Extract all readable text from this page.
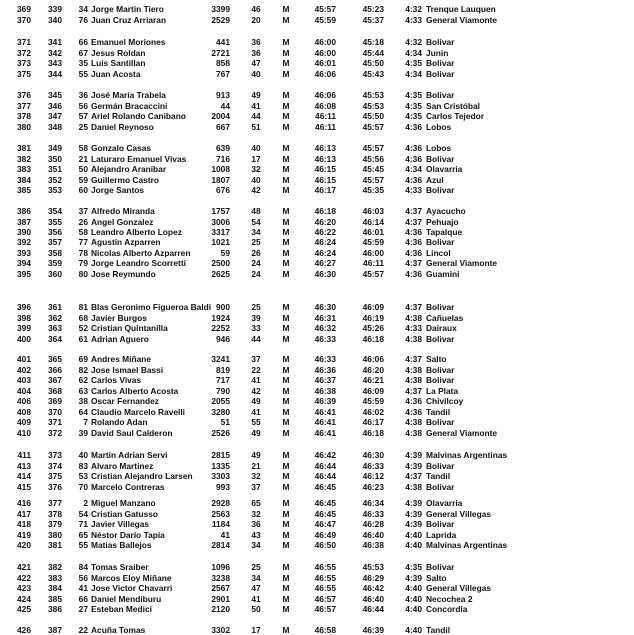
369	339	34 Jorge Martin Tiero	3399	46	M	45:57	45:23	4:32 Trenque Lauquen
370	340	76 Juan Cruz Arriaran	2529	20	M	45:59	45:37	4:33 General Viamonte
371	341	66 Emanuel Moriones	441	36	M	46:00	45:18	4:32 Bolivar
372	342	67 Jesus Roldan	2721	36	M	46:00	45:44	4:34 Junin
373	343	35 Luis Santillan	858	47	M	46:01	45:50	4:35 Bolivar
375	344	55 Juan Acosta	767	40	M	46:06	45:43	4:34 Bolivar
376	345	36 José María Trabela	913	49	M	46:06	45:53	4:35 Bolivar
377	346	56 Germán Bracaccini	44	41	M	46:08	45:53	4:35 San Cristóbal
378	347	57 Ariel Rolando Canibano	2004	44	M	46:11	45:50	4:35 Carlos Tejedor
380	348	25 Daniel Reynoso	667	51	M	46:11	45:57	4:36 Lobos
381	349	58 Gonzalo Casas	639	40	M	46:13	45:57	4:36 Lobos
382	350	21 Laturaro Emanuel Vivas	716	17	M	46:13	45:56	4:36 Bolivar
383	351	50 Alejandro Aranibar	1008	32	M	46:15	45:45	4:34 Olavarria
384	352	59 Guillermo Castro	1807	40	M	46:15	45:57	4:36 Azul
385	353	60 Jorge Santos	676	42	M	46:17	45:35	4:33 Bolivar
386	354	37 Alfredo Miranda	1757	48	M	46:18	46:03	4:37 Ayacucho
387	355	26 Angel Gonzalez	3006	54	M	46:20	46:14	4:37 Pehuajo
390	356	58 Leandro Alberto Lopez	3317	34	M	46:22	46:01	4:36 Tapalque
392	357	77 Agustin Azparren	1021	25	M	46:24	45:59	4:36 Bolivar
393	358	78 Nicolas Alberto Azparren	59	26	M	46:24	46:00	4:36 Lincol
394	359	79 Jorge Leandro Scorretti	2500	24	M	46:27	46:11	4:37 General Viamonte
395	360	80 Jose Reymundo	2625	24	M	46:30	45:57	4:36 Guamini
396	361	81 Blas Geronimo Figueroa Baldi 900	25	M	46:30	46:09	4:37 Bolivar
398	362	68 Javier Burgos	1924	39	M	46:31	46:19	4:38 Cañuelas
399	363	52 Cristian Quintanilla	2252	33	M	46:32	45:26	4:33 Dairaux
400	364	61 Adrian Aguero	946	44	M	46:33	46:18	4:38 Bolivar
401	365	69 Andres Miñane	3241	37	M	46:33	46:06	4:37 Salto
402	366	82 Jose Ismael Bassi	819	22	M	46:36	46:20	4:38 Bolivar
403	367	62 Carlos Vivas	717	41	M	46:37	46:21	4:38 Bolivar
404	368	63 Carlos Alberto Acosta	790	42	M	46:38	46:09	4:37 La Plata
406	369	38 Oscar Fernandez	2055	49	M	46:39	45:59	4:36 Chivilcoy
408	370	64 Claudio Marcelo Ravelli	3280	41	M	46:41	46:02	4:36 Tandil
409	371	7 Rolando Adan	51	55	M	46:41	46:17	4:38 Bolivar
410	372	39 David Saul Calderon	2526	49	M	46:41	46:18	4:38 General Viamonte
411	373	40 Martin Adrian Servi	2815	49	M	46:42	46:30	4:39 Malvinas Argentinas
413	374	83 Alvaro Martinez	1335	21	M	46:44	46:33	4:39 Bolivar
414	375	53 Cristian Alejandro Larsen	3303	32	M	46:44	46:12	4:37 Tandil
415	376	70 Marcelo Contreras	993	37	M	46:45	46:23	4:38 Bolivar
416	377	2 Miguel Manzano	2928	65	M	46:45	46:34	4:39 Olavarria
417	378	54 Cristian Gatusso	2563	32	M	46:45	46:33	4:39 General Villegas
418	379	71 Javier Villegas	1184	36	M	46:47	46:28	4:39 Bolivar
419	380	65 Néstor Darío Tapia	41	43	M	46:49	46:40	4:40 Laprida
420	381	55 Matias Ballejos	2814	34	M	46:50	46:38	4:40 Malvinas Argentinas
421	382	84 Tomas Sraiber	1096	25	M	46:55	45:53	4:35 Bolivar
422	383	56 Marcos Eloy Miñane	3238	34	M	46:55	46:29	4:39 Salto
423	384	41 Jose Victor Chavarri	2567	47	M	46:55	46:42	4:40 General Villegas
424	385	66 Daniel Mendiburu	2901	41	M	46:57	46:40	4:40 Necochea 2
425	386	27 Esteban Medici	2120	50	M	46:57	46:44	4:40 Concordia
426	387	22 Acuña Tomas	3302	17	M	46:58	46:39	4:40 Tandil
